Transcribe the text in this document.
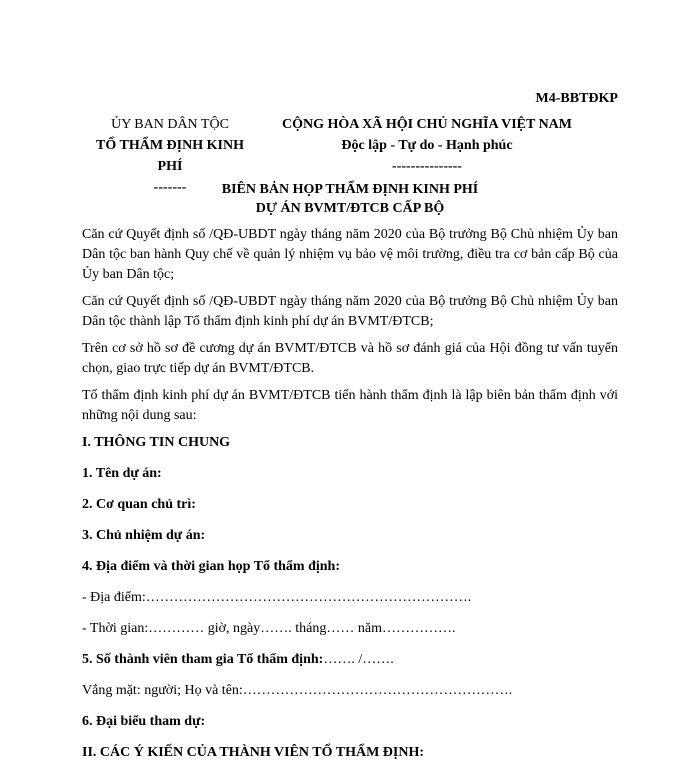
M4-BBTĐKP
ỦY BAN DÂN TỘC
TỔ THẨM ĐỊNH KINH PHÍ
-------
CỘNG HÒA XÃ HỘI CHỦ NGHĨA VIỆT NAM
Độc lập - Tự do - Hạnh phúc
---------------
BIÊN BẢN HỌP THẨM ĐỊNH KINH PHÍ
DỰ ÁN BVMT/ĐTCB CẤP BỘ

Căn cứ Quyết định số /QĐ-UBDT ngày tháng năm 2020 của Bộ trưởng Bộ Chủ nhiệm Ủy ban Dân tộc ban hành Quy chế về quản lý nhiệm vụ bảo vệ môi trường, điều tra cơ bản cấp Bộ của Ủy ban Dân tộc;

Căn cứ Quyết định số /QĐ-UBDT ngày tháng năm 2020 của Bộ trưởng Bộ Chủ nhiệm Ủy ban Dân tộc thành lập Tổ thẩm định kinh phí dự án BVMT/ĐTCB;

Trên cơ sở hồ sơ đề cương dự án BVMT/ĐTCB và hồ sơ đánh giá của Hội đồng tư vấn tuyển chọn, giao trực tiếp dự án BVMT/ĐTCB.

Tổ thẩm định kinh phí dự án BVMT/ĐTCB tiến hành thẩm định là lập biên bản thẩm định với những nội dung sau:

I. THÔNG TIN CHUNG

1. Tên dự án:

2. Cơ quan chủ trì:

3. Chủ nhiệm dự án:

4. Địa điểm và thời gian họp Tổ thẩm định:

- Địa điểm:…………………………………………………………….

- Thời gian:………… giờ, ngày……. tháng…… năm…………….

5. Số thành viên tham gia Tổ thẩm định:……. /…….

Vắng mặt: người; Họ và tên:………………………………………………….

6. Đại biểu tham dự:

II. CÁC Ý KIẾN CỦA THÀNH VIÊN TỔ THẨM ĐỊNH:
